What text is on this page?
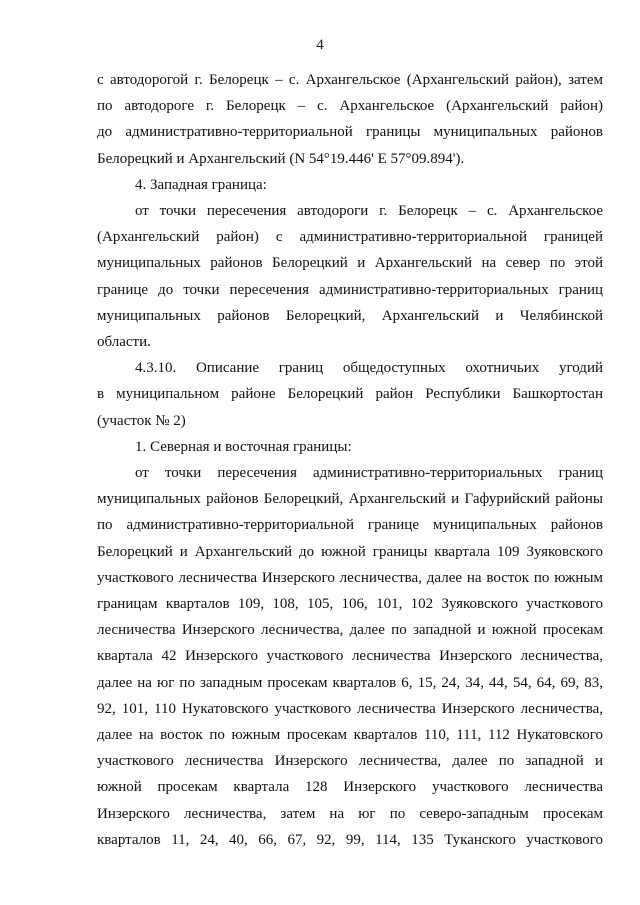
4
с автодорогой г. Белорецк – с. Архангельское (Архангельский район), затем
по автодороге г. Белорецк – с. Архангельское (Архангельский район)
до административно-территориальной границы муниципальных районов
Белорецкий и Архангельский (N 54°19.446' E 57°09.894').
4. Западная граница:
от точки пересечения автодороги г. Белорецк – с. Архангельское
(Архангельский район) с административно-территориальной границей
муниципальных районов Белорецкий и Архангельский на север по этой
границе до точки пересечения административно-территориальных границ
муниципальных районов Белорецкий, Архангельский и Челябинской
области.
4.3.10. Описание границ общедоступных охотничьих угодий
в муниципальном районе Белорецкий район Республики Башкортостан
(участок № 2)
1. Северная и восточная границы:
от точки пересечения административно-территориальных границ
муниципальных районов Белорецкий, Архангельский и Гафурийский районы
по административно-территориальной границе муниципальных районов
Белорецкий и Архангельский до южной границы квартала 109 Зуяковского
участкового лесничества Инзерского лесничества, далее на восток по южным
границам кварталов 109, 108, 105, 106, 101, 102 Зуяковского участкового
лесничества Инзерского лесничества, далее по западной и южной просекам
квартала 42 Инзерского участкового лесничества Инзерского лесничества,
далее на юг по западным просекам кварталов 6, 15, 24, 34, 44, 54, 64, 69, 83,
92, 101, 110 Нукатовского участкового лесничества Инзерского лесничества,
далее на восток по южным просекам кварталов 110, 111, 112 Нукатовского
участкового лесничества Инзерского лесничества, далее по западной и
южной просекам квартала 128 Инзерского участкового лесничества
Инзерского лесничества, затем на юг по северо-западным просекам
кварталов 11, 24, 40, 66, 67, 92, 99, 114, 135 Туканского участкового
